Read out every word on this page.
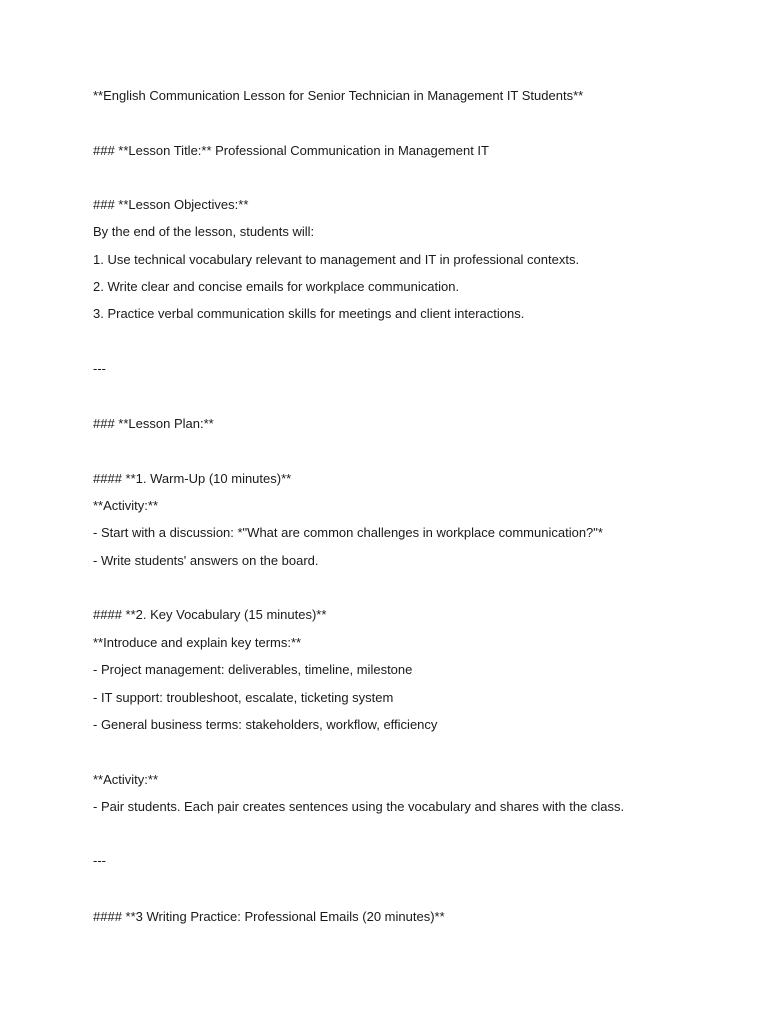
**English Communication Lesson for Senior Technician in Management IT Students**
### **Lesson Title:** Professional Communication in Management IT
### **Lesson Objectives:**
By the end of the lesson, students will:
1. Use technical vocabulary relevant to management and IT in professional contexts.
2. Write clear and concise emails for workplace communication.
3. Practice verbal communication skills for meetings and client interactions.
---
### **Lesson Plan:**
#### **1. Warm-Up (10 minutes)**
**Activity:**
- Start with a discussion: *"What are common challenges in workplace communication?"*
- Write students' answers on the board.
#### **2. Key Vocabulary (15 minutes)**
**Introduce and explain key terms:**
- Project management: deliverables, timeline, milestone
- IT support: troubleshoot, escalate, ticketing system
- General business terms: stakeholders, workflow, efficiency
**Activity:**
- Pair students. Each pair creates sentences using the vocabulary and shares with the class.
---
#### **3 Writing Practice: Professional Emails (20 minutes)**
